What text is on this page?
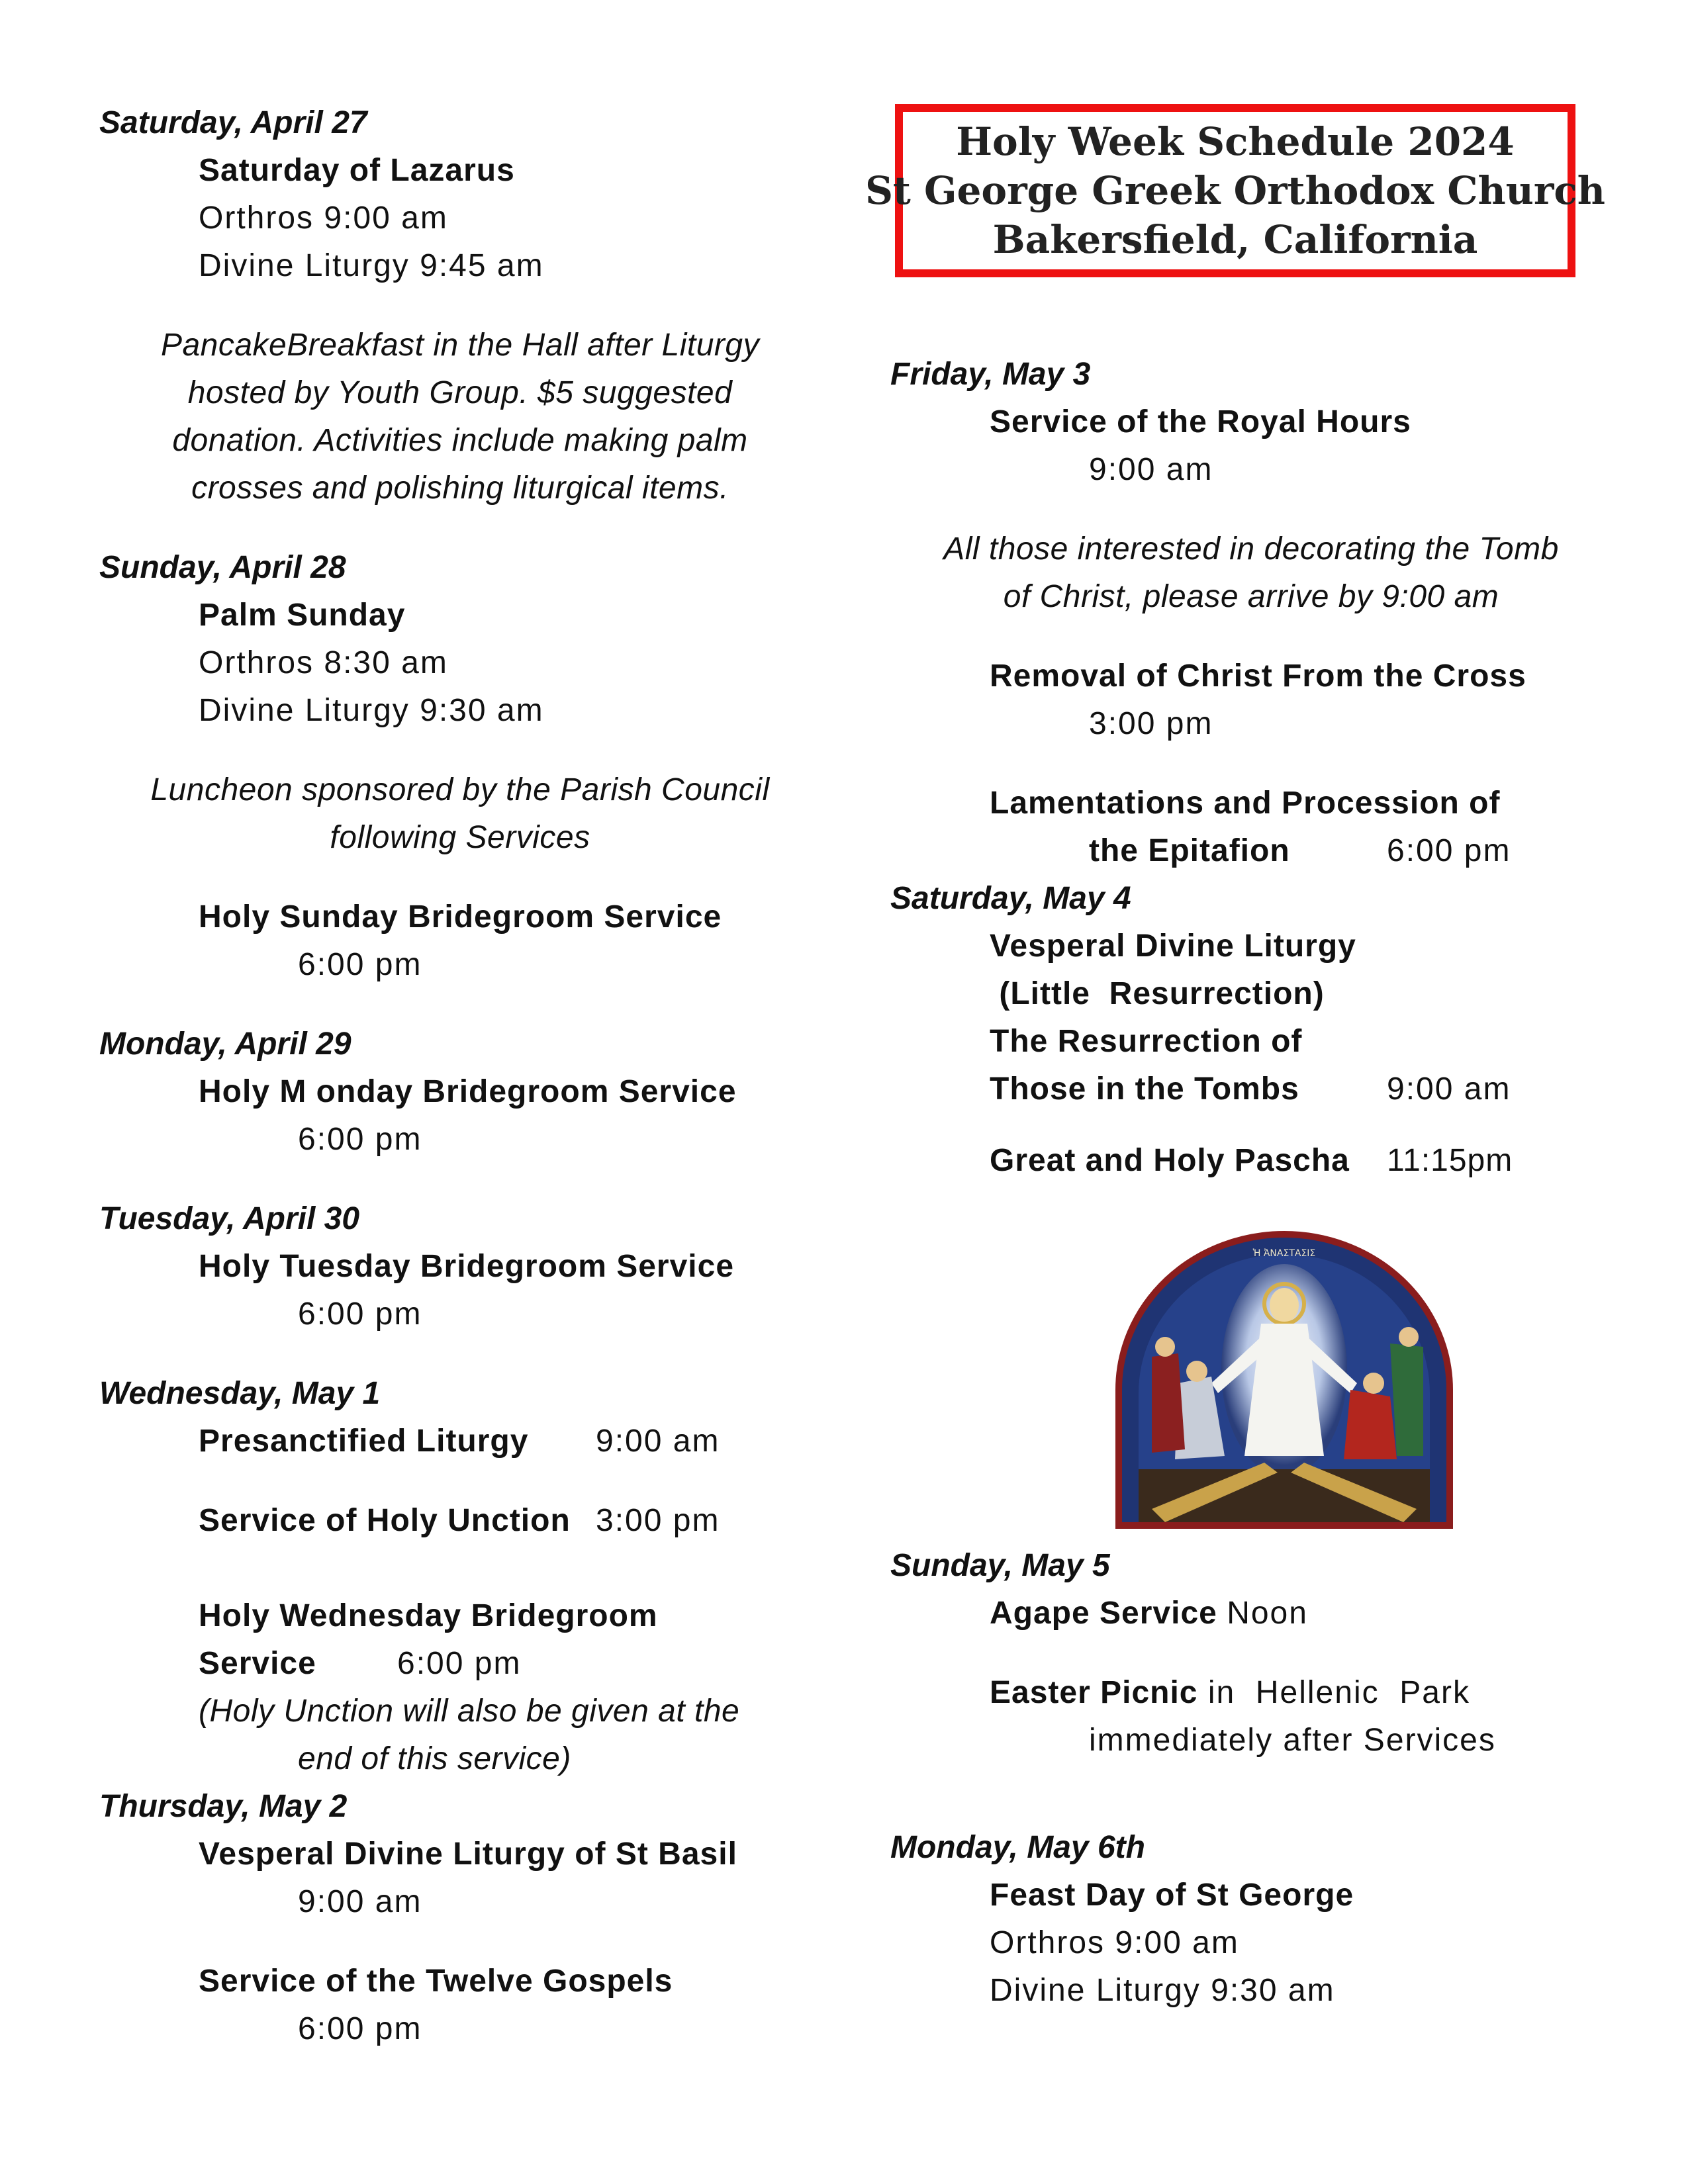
Holy Week Schedule 2024
St George Greek Orthodox Church
Bakersfield, California
Saturday, April 27
Saturday of Lazarus
Orthros 9:00 am
Divine Liturgy 9:45 am
PancakeBreakfast in the Hall after Liturgy
hosted by Youth Group. $5 suggested
donation. Activities include making palm
crosses and polishing liturgical items.
Sunday, April 28
Palm Sunday
Orthros 8:30 am
Divine Liturgy 9:30 am
Luncheon sponsored by the Parish Council
following Services
Holy Sunday Bridegroom Service
6:00 pm
Monday, April 29
Holy M onday Bridegroom Service
6:00 pm
Tuesday, April 30
Holy Tuesday Bridegroom Service
6:00 pm
Wednesday, May 1
Presanctified Liturgy 9:00 am
Service of Holy Unction 3:00 pm
Holy Wednesday Bridegroom
Service	6:00 pm
(Holy Unction will also be given at the
end of this service)
Thursday, May 2
Vesperal Divine Liturgy of St Basil
9:00 am
Service of the Twelve Gospels
6:00 pm
Friday, May 3
Service of the Royal Hours
9:00 am
All those interested in decorating the Tomb
of Christ, please arrive by 9:00 am
Removal of Christ From the Cross
3:00 pm
Lamentations and Procession of
the Epitafion	6:00 pm
Saturday, May 4
Vesperal Divine Liturgy
(Little  Resurrection)
The Resurrection of
Those in the Tombs	9:00 am
Great and Holy Pascha 11:15pm
Sunday, May 5
Agape Service Noon
Easter Picnic in  Hellenic  Park
immediately after Services
Monday, May 6th
Feast Day of St George
Orthros 9:00 am
Divine Liturgy 9:30 am
Ἡ ἈΝΑΣΤΑΣΙΣ
